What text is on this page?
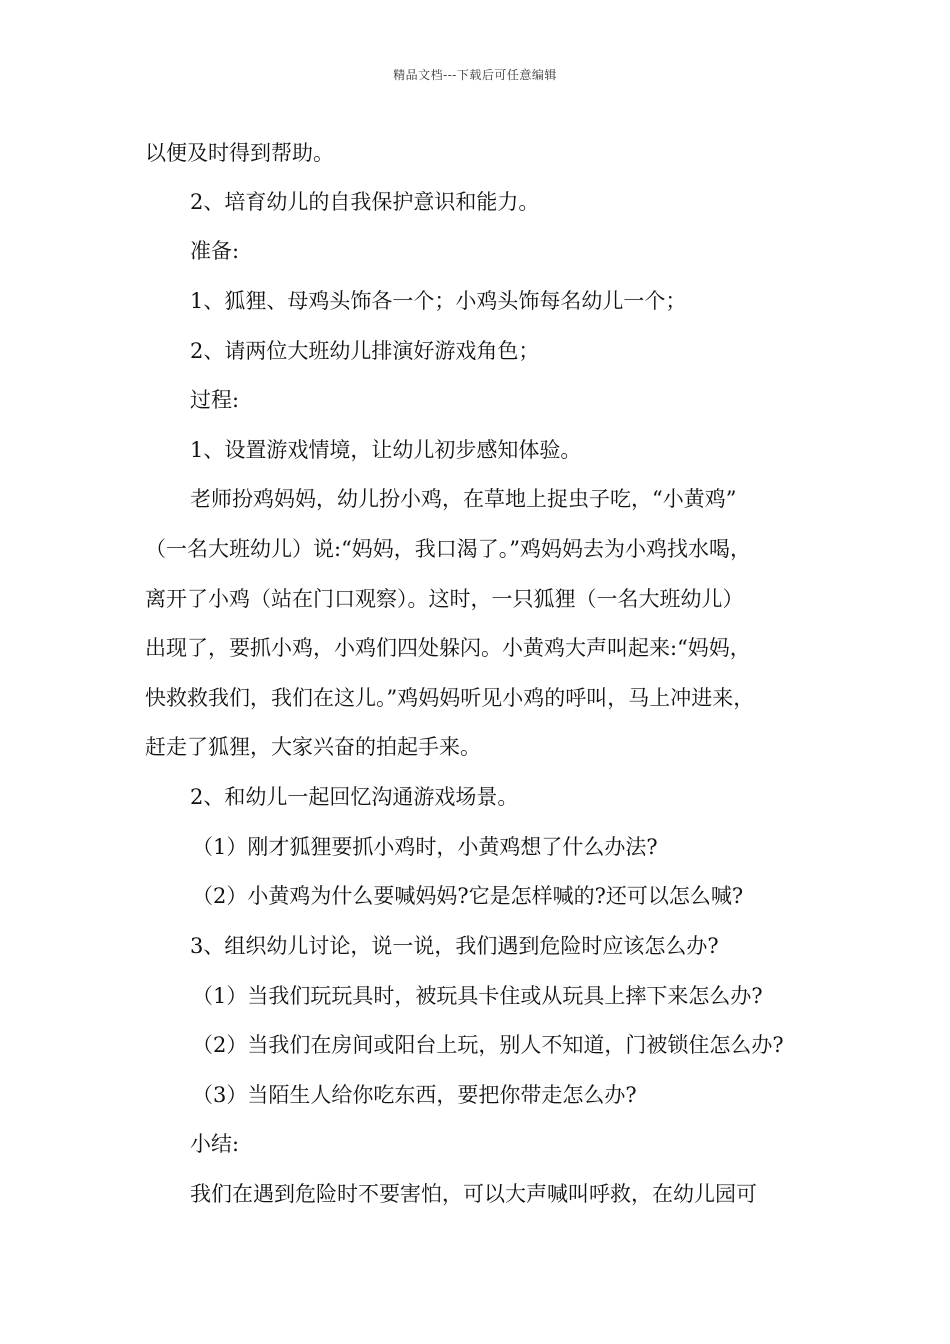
精品文档---下载后可任意编辑
以便及时得到帮助。
2、培育幼儿的自我保护意识和能力。
准备:
1、狐狸、母鸡头饰各一个；小鸡头饰每名幼儿一个；
2、请两位大班幼儿排演好游戏角色；
过程:
1、设置游戏情境，让幼儿初步感知体验。
老师扮鸡妈妈，幼儿扮小鸡，在草地上捉虫子吃，“小黄鸡”
（一名大班幼儿）说:“妈妈，我口渴了。”鸡妈妈去为小鸡找水喝，
离开了小鸡（站在门口观察）。这时，一只狐狸（一名大班幼儿）
出现了，要抓小鸡，小鸡们四处躲闪。小黄鸡大声叫起来:“妈妈，
快救救我们，我们在这儿。”鸡妈妈听见小鸡的呼叫，马上冲进来，
赶走了狐狸，大家兴奋的拍起手来。
2、和幼儿一起回忆沟通游戏场景。
（1）刚才狐狸要抓小鸡时，小黄鸡想了什么办法?
（2）小黄鸡为什么要喊妈妈?它是怎样喊的?还可以怎么喊?
3、组织幼儿讨论，说一说，我们遇到危险时应该怎么办?
（1）当我们玩玩具时，被玩具卡住或从玩具上摔下来怎么办?
（2）当我们在房间或阳台上玩，别人不知道，门被锁住怎么办?
（3）当陌生人给你吃东西，要把你带走怎么办?
小结:
我们在遇到危险时不要害怕，可以大声喊叫呼救，在幼儿园可
